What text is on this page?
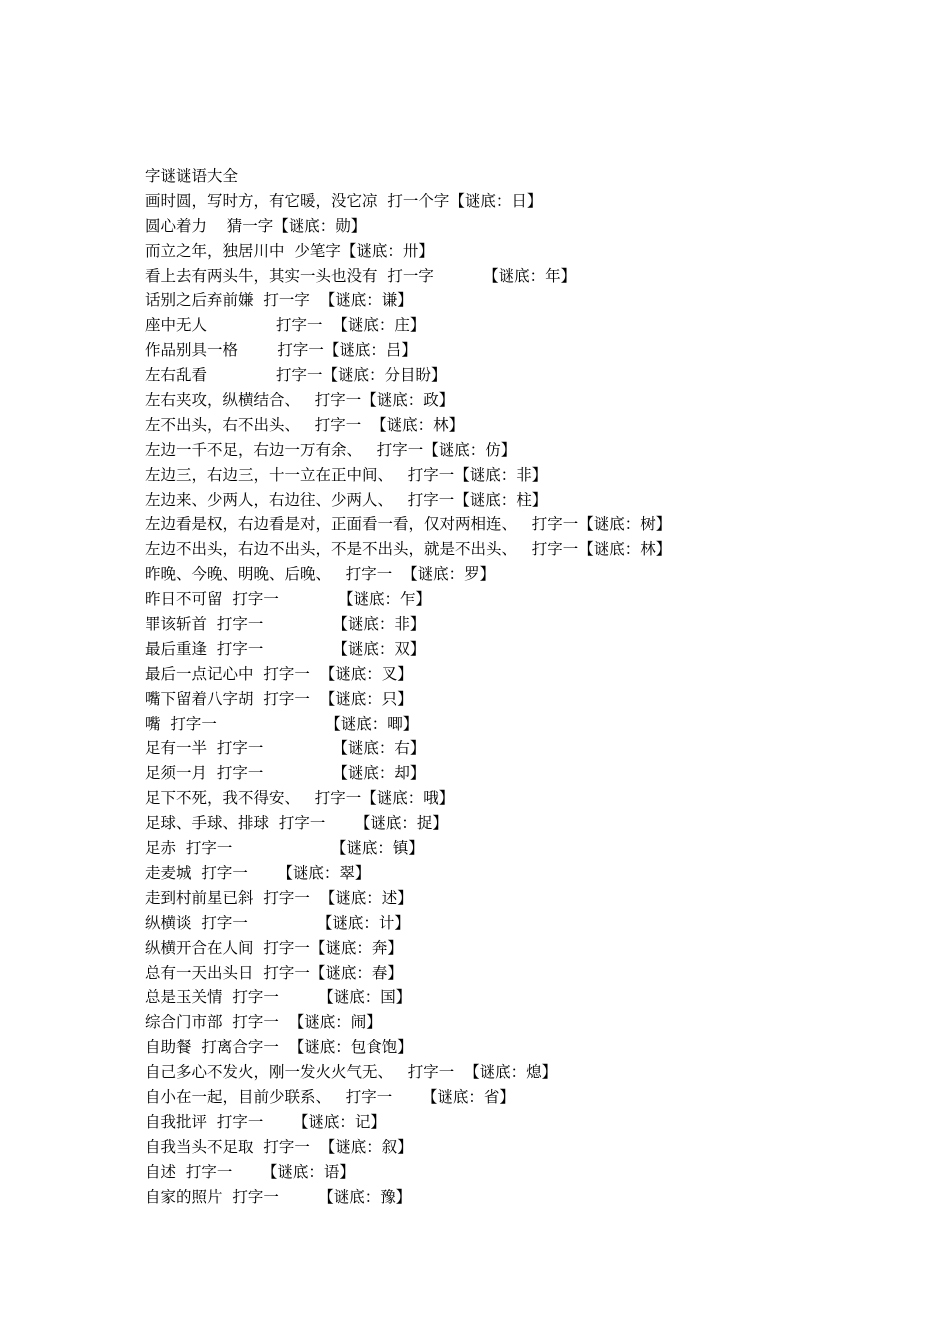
字谜谜语大全
画时圆，写时方，有它暖，没它凉  打一个字【谜底：日】
圆心着力    猜一字【谜底：勋】
而立之年，独居川中  少笔字【谜底：卅】
看上去有两头牛，其实一头也没有  打一字          【谜底：年】
话别之后弃前嫌  打一字  【谜底：谦】
座中无人              打字一  【谜底：庄】
作品别具一格        打字一【谜底：吕】
左右乱看              打字一【谜底：分目盼】
左右夹攻，纵横结合、   打字一【谜底：政】
左不出头，右不出头、   打字一  【谜底：林】
左边一千不足，右边一万有余、   打字一【谜底：仿】
左边三，右边三，十一立在正中间、   打字一【谜底：非】
左边来、少两人，右边往、少两人、   打字一【谜底：柱】
左边看是权，右边看是对，正面看一看，仅对两相连、   打字一【谜底：树】
左边不出头，右边不出头，不是不出头，就是不出头、   打字一【谜底：林】
昨晚、今晚、明晚、后晚、   打字一  【谜底：罗】
昨日不可留  打字一            【谜底：乍】
罪该斩首  打字一              【谜底：非】
最后重逢  打字一              【谜底：双】
最后一点记心中  打字一  【谜底：叉】
嘴下留着八字胡  打字一  【谜底：只】
嘴  打字一                      【谜底：唧】
足有一半  打字一              【谜底：右】
足须一月  打字一              【谜底：却】
足下不死，我不得安、   打字一【谜底：哦】
足球、手球、排球  打字一      【谜底：捉】
足赤  打字一                    【谜底：镇】
走麦城  打字一      【谜底：翠】
走到村前星已斜  打字一  【谜底：述】
纵横谈  打字一              【谜底：计】
纵横开合在人间  打字一【谜底：奔】
总有一天出头日  打字一【谜底：春】
总是玉关情  打字一        【谜底：国】
综合门市部  打字一  【谜底：闹】
自助餐  打离合字一  【谜底：包食饱】
自己多心不发火，刚一发火火气无、   打字一  【谜底：熄】
自小在一起，目前少联系、   打字一      【谜底：省】
自我批评  打字一      【谜底：记】
自我当头不足取  打字一  【谜底：叙】
自述  打字一      【谜底：语】
自家的照片  打字一        【谜底：豫】
